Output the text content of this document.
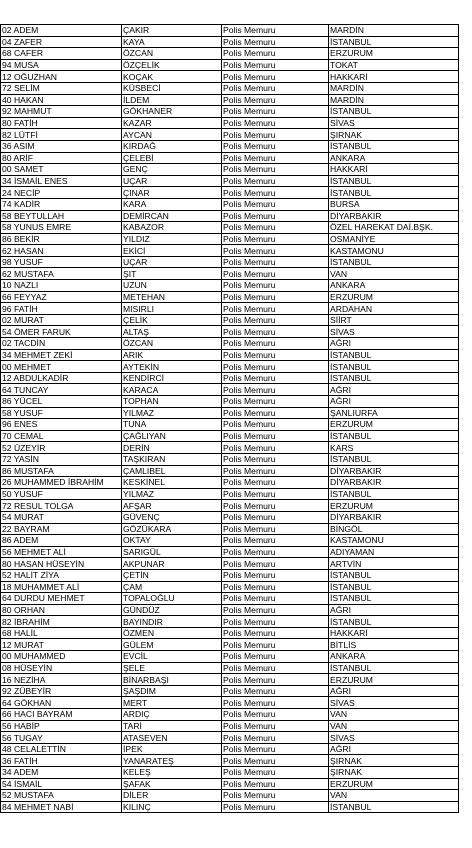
02 ADEM	ÇAKIR	Polis Memuru	MARDİN
04 ZAFER	KAYA	Polis Memuru	İSTANBUL
68 CAFER	ÖZCAN	Polis Memuru	ERZURUM
94 MUSA	ÖZÇELİK	Polis Memuru	TOKAT
12 OĞUZHAN	KOÇAK	Polis Memuru	HAKKARİ
72 SELİM	KÜSBECİ	Polis Memuru	MARDİN
40 HAKAN	İLDEM	Polis Memuru	MARDİN
92 MAHMUT	GÖKHANER	Polis Memuru	İSTANBUL
80 FATİH	KAZAR	Polis Memuru	SİVAS
82 LÜTFİ	AYCAN	Polis Memuru	ŞIRNAK
36 ASIM	KIRDAĞ	Polis Memuru	İSTANBUL
80 ARİF	ÇELEBİ	Polis Memuru	ANKARA
00 SAMET	GENÇ	Polis Memuru	HAKKARİ
34 İSMAİL ENES	UÇAR	Polis Memuru	İSTANBUL
24 NECİP	ÇINAR	Polis Memuru	İSTANBUL
74 KADİR	KARA	Polis Memuru	BURSA
58 BEYTULLAH	DEMİRCAN	Polis Memuru	DİYARBAKIR
58 YUNUS EMRE	KABAZOR	Polis Memuru	ÖZEL HAREKAT DAİ.BŞK.
86 BEKİR	YILDIZ	Polis Memuru	OSMANİYE
62 HASAN	EKİCİ	Polis Memuru	KASTAMONU
98 YUSUF	UÇAR	Polis Memuru	İSTANBUL
62 MUSTAFA	ŞIT	Polis Memuru	VAN
10 NAZLI	UZUN	Polis Memuru	ANKARA
66 FEYYAZ	METEHAN	Polis Memuru	ERZURUM
96 FATİH	MISIRLI	Polis Memuru	ARDAHAN
02 MURAT	ÇELİK	Polis Memuru	SİİRT
54 ÖMER FARUK	ALTAŞ	Polis Memuru	SİVAS
02 TACDİN	ÖZCAN	Polis Memuru	AĞRI
34 MEHMET ZEKİ	ARIK	Polis Memuru	İSTANBUL
00 MEHMET	AYTEKİN	Polis Memuru	İSTANBUL
12 ABDULKADİR	KENDİRCİ	Polis Memuru	İSTANBUL
64 TUNCAY	KARACA	Polis Memuru	AĞRI
86 YÜCEL	TOPHAN	Polis Memuru	AĞRI
58 YUSUF	YILMAZ	Polis Memuru	ŞANLIURFA
96 ENES	TUNA	Polis Memuru	ERZURUM
70 CEMAL	ÇAĞLIYAN	Polis Memuru	İSTANBUL
52 ÜZEYİR	DERİN	Polis Memuru	KARS
72 YASİN	TAŞKIRAN	Polis Memuru	İSTANBUL
86 MUSTAFA	ÇAMLIBEL	Polis Memuru	DİYARBAKIR
26 MUHAMMED İBRAHİM	KESKİNEL	Polis Memuru	DİYARBAKIR
50 YUSUF	YILMAZ	Polis Memuru	İSTANBUL
72 RESUL TOLGA	AFŞAR	Polis Memuru	ERZURUM
54 MURAT	GÜVENÇ	Polis Memuru	DİYARBAKIR
22 BAYRAM	GÖZÜKARA	Polis Memuru	BİNGÖL
86 ADEM	OKTAY	Polis Memuru	KASTAMONU
56 MEHMET ALİ	SARIGÜL	Polis Memuru	ADIYAMAN
80 HASAN HÜSEYİN	AKPUNAR	Polis Memuru	ARTVİN
52 HALİT ZİYA	ÇETİN	Polis Memuru	İSTANBUL
18 MUHAMMET ALİ	ÇAM	Polis Memuru	İSTANBUL
64 DURDU MEHMET	TOPALOĞLU	Polis Memuru	İSTANBUL
80 ORHAN	GÜNDÜZ	Polis Memuru	AĞRI
82 İBRAHİM	BAYINDIR	Polis Memuru	İSTANBUL
68 HALİL	ÖZMEN	Polis Memuru	HAKKARİ
12 MURAT	GÜLEM	Polis Memuru	BİTLİS
00 MUHAMMED	EVCİL	Polis Memuru	ANKARA
08 HÜSEYİN	ŞELE	Polis Memuru	İSTANBUL
16 NEZİHA	BİNARBAŞI	Polis Memuru	ERZURUM
92 ZÜBEYİR	ŞAŞDIM	Polis Memuru	AĞRI
64 GÖKHAN	MERT	Polis Memuru	SİVAS
66 HACI BAYRAM	ARDIÇ	Polis Memuru	VAN
56 HABİP	TARİ	Polis Memuru	VAN
56 TUGAY	ATASEVEN	Polis Memuru	SİVAS
48 CELALETTİN	İPEK	Polis Memuru	AĞRI
36 FATİH	YANARATEŞ	Polis Memuru	ŞIRNAK
34 ADEM	KELEŞ	Polis Memuru	ŞIRNAK
54 İSMAİL	ŞAFAK	Polis Memuru	ERZURUM
52 MUSTAFA	DİLER	Polis Memuru	VAN
84 MEHMET NABİ	KILINÇ	Polis Memuru	İSTANBUL
